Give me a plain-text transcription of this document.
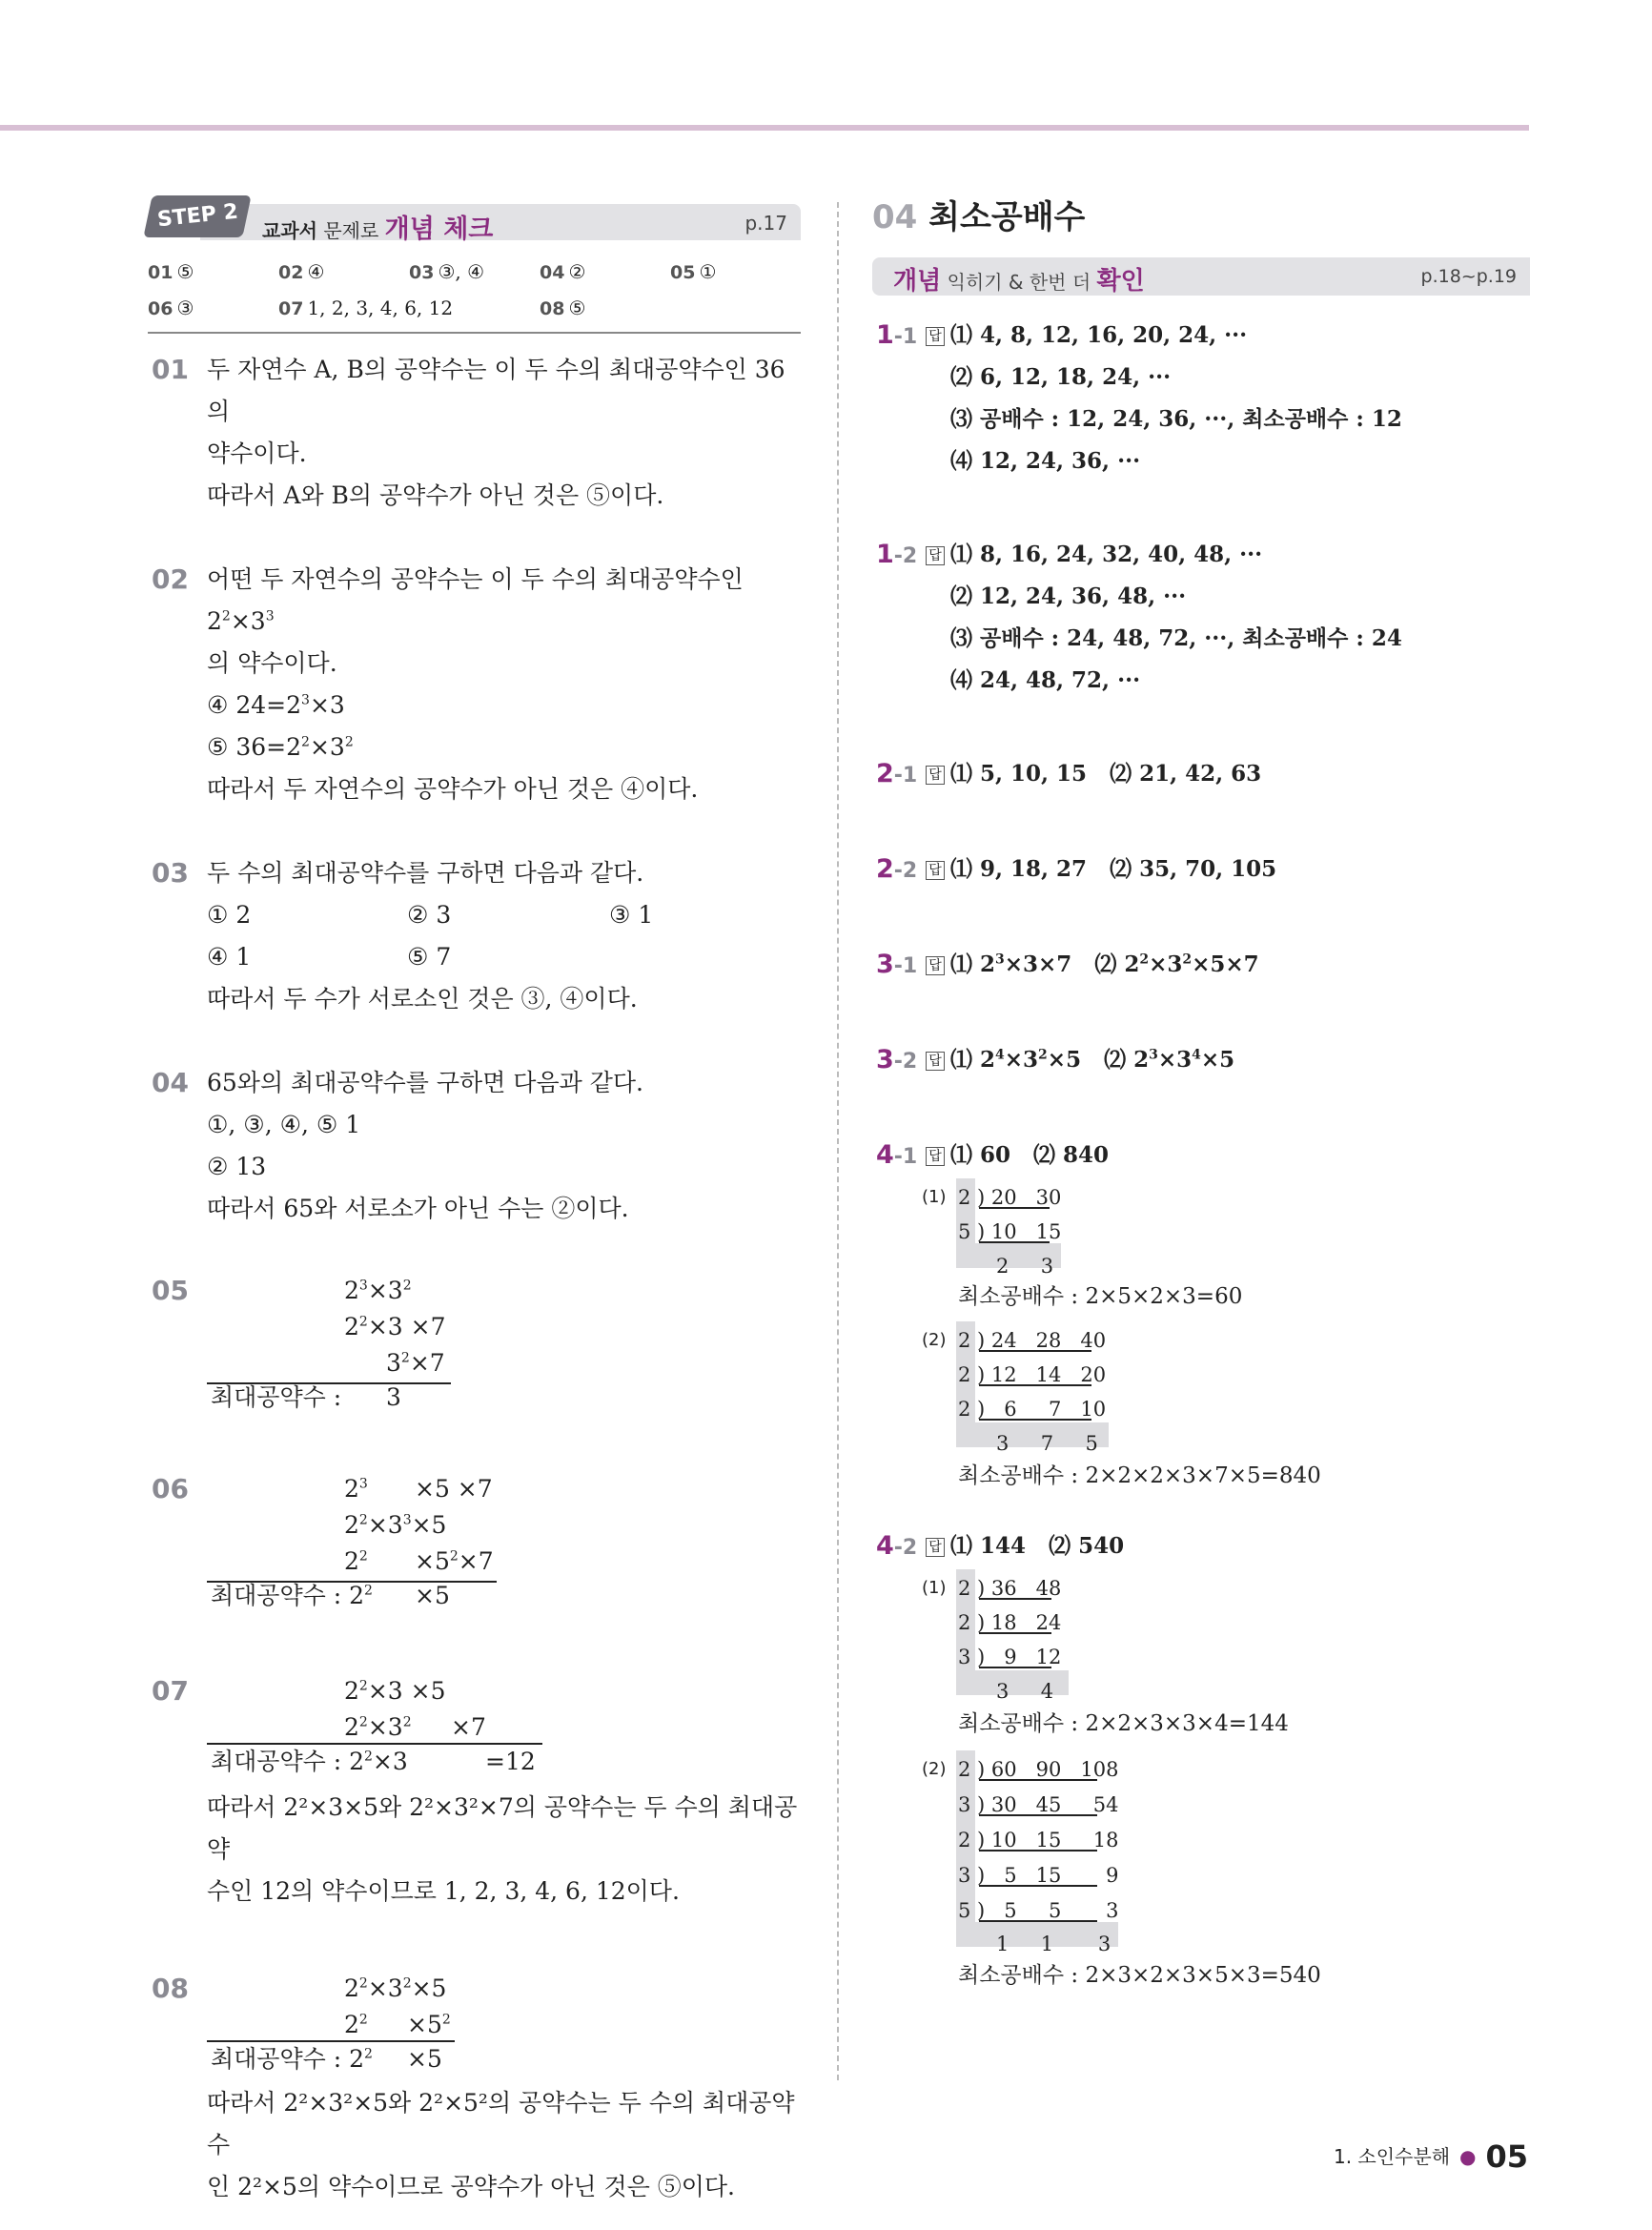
STEP 2	교과서 문제로 개념 체크	p.17
01 ⑤	02 ④	03 ③, ④	04 ②	05 ①
06 ③	07 1, 2, 3, 4, 6, 12	08 ⑤
01 두 자연수 A, B의 공약수는 이 두 수의 최대공약수인 36의
약수이다.
따라서 A와 B의 공약수가 아닌 것은 ⑤이다.
02 어떤 두 자연수의 공약수는 이 두 수의 최대공약수인 $2^2\times 3^3$
의 약수이다.
④ $24=2^3\times 3$
⑤ $36=2^2\times 3^2$
따라서 두 자연수의 공약수가 아닌 것은 ④이다.
03 두 수의 최대공약수를 구하면 다음과 같다.
① 2	② 3	③ 1
④ 1	⑤ 7
따라서 두 수가 서로소인 것은 ③, ④이다.
04 65와의 최대공약수를 구하면 다음과 같다.
①, ③, ④, ⑤ 1
② 13
따라서 65와 서로소가 아닌 수는 ②이다.
05	$2^3\times 3^2$
$2^2\times 3 \times 7$
$3^2\times 7$
최대공약수 : 3
06	$2^3 \times 5 \times 7$
$2^2\times 3^3\times 5$
$2^2 \times 5^2\times 7$
최대공약수 : $2^2 \times 5$
07	$2^2\times 3 \times 5$
$2^2\times 3^2 \times 7$
최대공약수 : $2^2\times 3$	=12
따라서 2²×3×5와 2²×3²×7의 공약수는 두 수의 최대공약
수인 12의 약수이므로 1, 2, 3, 4, 6, 12이다.
08	$2^2\times 3^2\times 5$
$2^2 \times 5^2$
최대공약수 : $2^2 \times 5$
따라서 2²×3²×5와 2²×5²의 공약수는 두 수의 최대공약수
인 2²×5의 약수이므로 공약수가 아닌 것은 ⑤이다.
04 최소공배수
개념 익히기 & 한번 더 확인	p.18~p.19
1-1 답 ⑴ 4, 8, 12, 16, 20, 24, ···
⑵ 6, 12, 18, 24, ···
⑶ 공배수 : 12, 24, 36, ···, 최소공배수 : 12
⑷ 12, 24, 36, ···
1-2 답 ⑴ 8, 16, 24, 32, 40, 48, ···
⑵ 12, 24, 36, 48, ···
⑶ 공배수 : 24, 48, 72, ···, 최소공배수 : 24
⑷ 24, 48, 72, ···
2-1 답 ⑴ 5, 10, 15 ⑵ 21, 42, 63
2-2 답 ⑴ 9, 18, 27 ⑵ 35, 70, 105
3-1 답 ⑴ $2^3\times 3\times 7$   ⑵ $2^2\times 3^2\times 5\times 7$
3-2 답 ⑴ $2^4\times 3^2\times 5$   ⑵ $2^3\times 3^4\times 5$
4-1 답 ⑴ 60 ⑵ 840
(1) 2 ) 20   30
5 ) 10   15
2     3
최소공배수 : 2×5×2×3=60
(2) 2 ) 24   28   40
2 ) 12   14   20
2 )   6     7   10
3     7     5
최소공배수 : 2×2×2×3×7×5=840
4-2 답 ⑴ 144 ⑵ 540
(1) 2 ) 36   48
2 ) 18   24
3 )   9   12
3     4
최소공배수 : 2×2×3×3×4=144
(2) 2 ) 60   90   108
3 ) 30   45     54
2 ) 10   15     18
3 )   5   15       9
5 )   5     5       3
1     1       3
최소공배수 : 2×3×2×3×5×3=540
1. 소인수분해 ● 05
